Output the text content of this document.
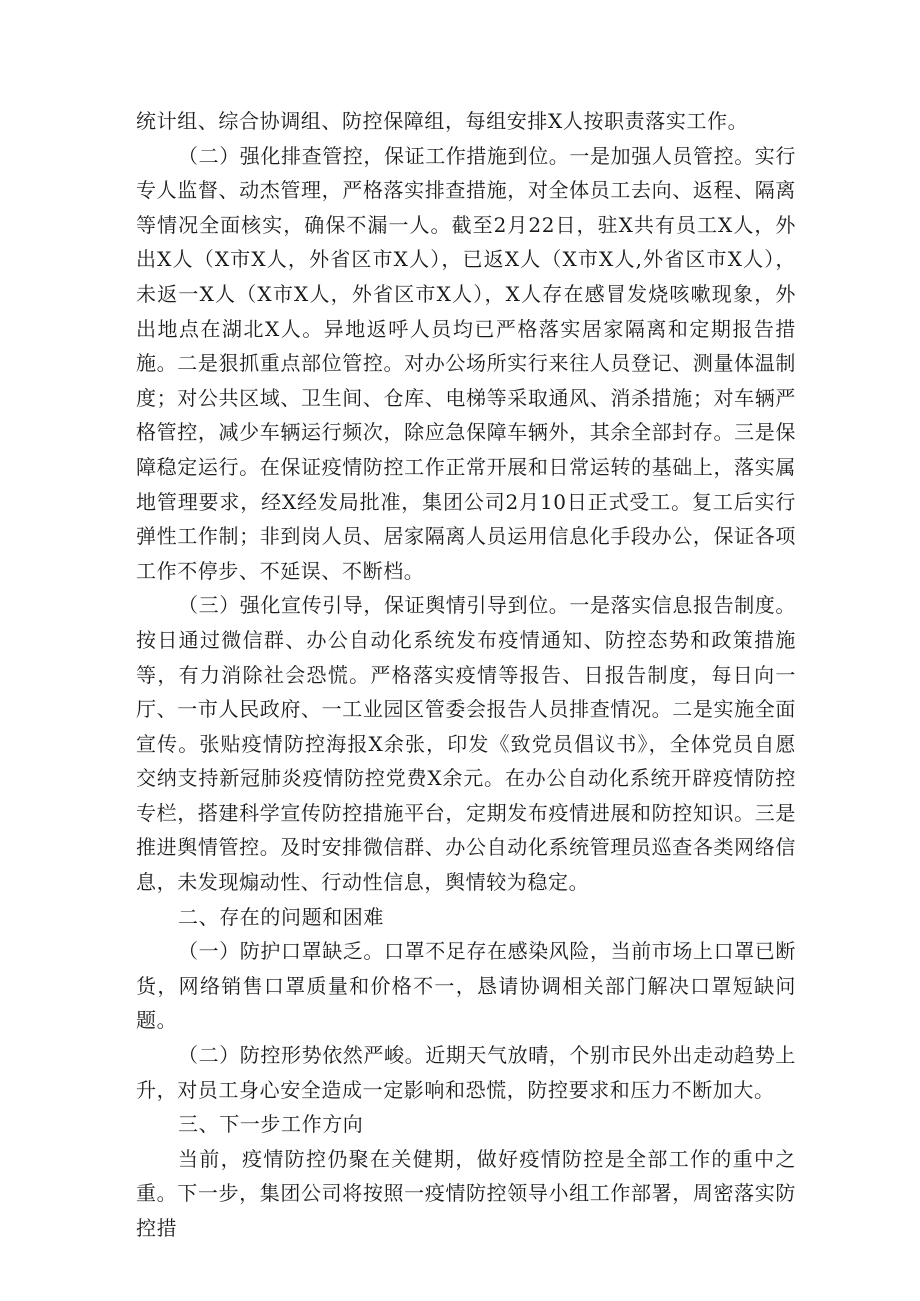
统计组、综合协调组、防控保障组，每组安排X人按职责落实工作。

（二）强化排查管控，保证工作措施到位。一是加强人员管控。实行专人监督、动杰管理，严格落实排查措施，对全体员工去向、返程、隔离等情况全面核实，确保不漏一人。截至2月22日，驻X共有员工X人，外出X人（X市X人，外省区市X人），已返X人（X市X人,外省区市X人），未返一X人（X市X人，外省区市X人），X人存在感冒发烧咳嗽现象，外出地点在湖北X人。异地返呼人员均已严格落实居家隔离和定期报告措施。二是狠抓重点部位管控。对办公场所实行来往人员登记、测量体温制度；对公共区域、卫生间、仓库、电梯等采取通风、消杀措施；对车辆严格管控，减少车辆运行频次，除应急保障车辆外，其余全部封存。三是保障稳定运行。在保证疫情防控工作正常开展和日常运转的基础上，落实属地管理要求，经X经发局批准，集团公司2月10日正式受工。复工后实行弹性工作制；非到岗人员、居家隔离人员运用信息化手段办公，保证各项工作不停步、不延误、不断档。

（三）强化宣传引导，保证舆情引导到位。一是落实信息报告制度。按日通过微信群、办公自动化系统发布疫情通知、防控态势和政策措施等，有力消除社会恐慌。严格落实疫情等报告、日报告制度，每日向一厅、一市人民政府、一工业园区管委会报告人员排查情况。二是实施全面宣传。张贴疫情防控海报X余张，印发《致党员倡议书》，全体党员自愿交纳支持新冠肺炎疫情防控党费X余元。在办公自动化系统开辟疫情防控专栏，搭建科学宣传防控措施平台，定期发布疫情进展和防控知识。三是推进舆情管控。及时安排微信群、办公自动化系统管理员巡查各类网络信息，未发现煽动性、行动性信息，舆情较为稳定。

二、存在的问题和困难

（一）防护口罩缺乏。口罩不足存在感染风险，当前市场上口罩已断货，网络销售口罩质量和价格不一，恳请协调相关部门解决口罩短缺问题。

（二）防控形势依然严峻。近期天气放晴，个别市民外出走动趋势上升，对员工身心安全造成一定影响和恐慌，防控要求和压力不断加大。

三、下一步工作方向

当前，疫情防控仍聚在关健期，做好疫情防控是全部工作的重中之重。下一步，集团公司将按照一疫情防控领导小组工作部署，周密落实防控措
